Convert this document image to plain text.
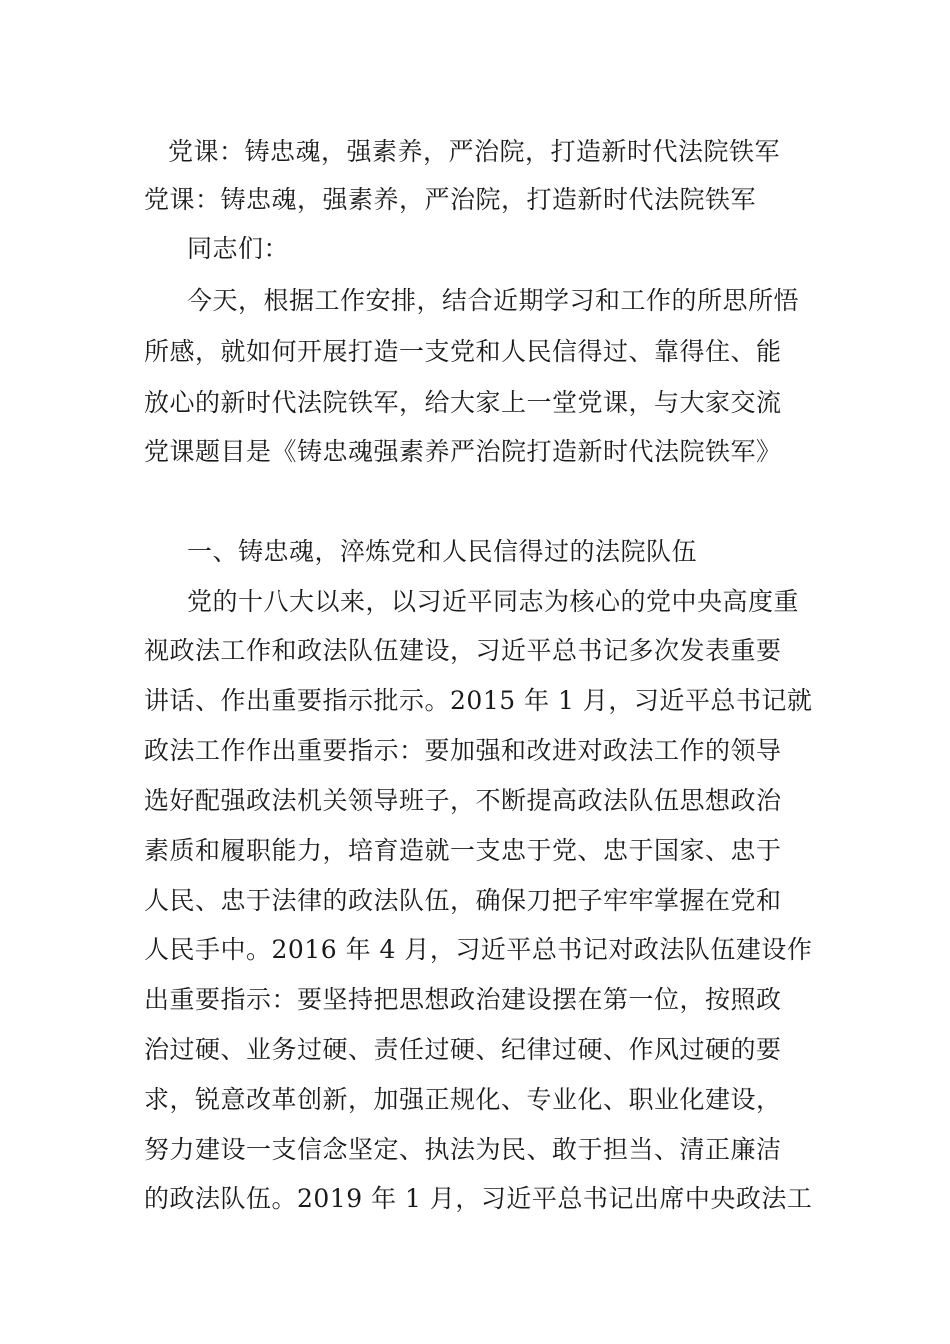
党课：铸忠魂，强素养，严治院，打造新时代法院铁军
党课：铸忠魂，强素养，严治院，打造新时代法院铁军
同志们：
今天，根据工作安排，结合近期学习和工作的所思所悟
所感，就如何开展打造一支党和人民信得过、靠得住、能
放心的新时代法院铁军，给大家上一堂党课，与大家交流
党课题目是《铸忠魂强素养严治院打造新时代法院铁军》
一、铸忠魂，淬炼党和人民信得过的法院队伍
党的十八大以来，以习近平同志为核心的党中央高度重
视政法工作和政法队伍建设，习近平总书记多次发表重要
讲话、作出重要指示批示。2015 年 1 月，习近平总书记就
政法工作作出重要指示：要加强和改进对政法工作的领导
选好配强政法机关领导班子，不断提高政法队伍思想政治
素质和履职能力，培育造就一支忠于党、忠于国家、忠于
人民、忠于法律的政法队伍，确保刀把子牢牢掌握在党和
人民手中。2016 年 4 月，习近平总书记对政法队伍建设作
出重要指示：要坚持把思想政治建设摆在第一位，按照政
治过硬、业务过硬、责任过硬、纪律过硬、作风过硬的要
求，锐意改革创新，加强正规化、专业化、职业化建设，
努力建设一支信念坚定、执法为民、敢于担当、清正廉洁
的政法队伍。2019 年 1 月，习近平总书记出席中央政法工
